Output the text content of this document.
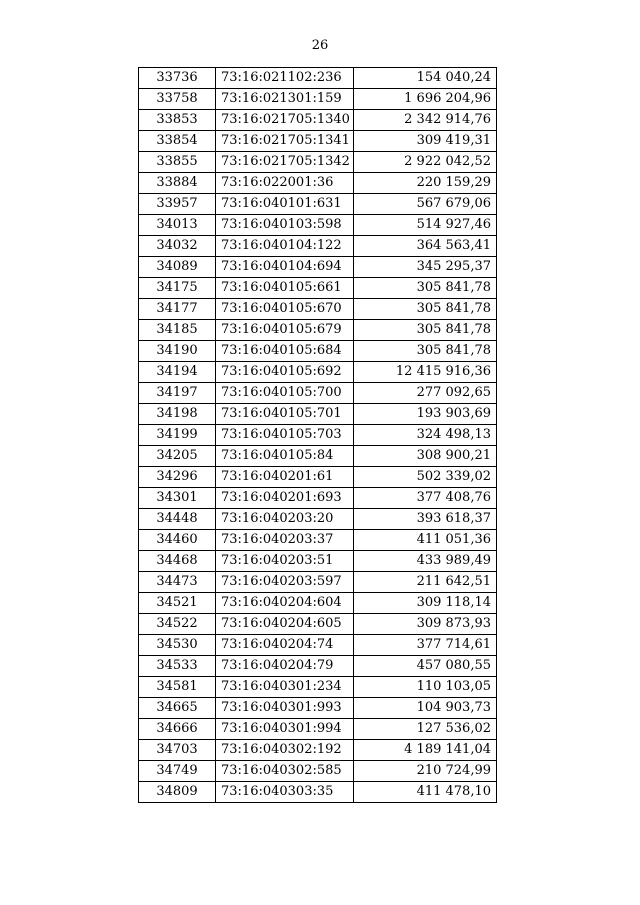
26
33736	73:16:021102:236	154 040,24
33758	73:16:021301:159	1 696 204,96
33853	73:16:021705:1340	2 342 914,76
33854	73:16:021705:1341	309 419,31
33855	73:16:021705:1342	2 922 042,52
33884	73:16:022001:36	220 159,29
33957	73:16:040101:631	567 679,06
34013	73:16:040103:598	514 927,46
34032	73:16:040104:122	364 563,41
34089	73:16:040104:694	345 295,37
34175	73:16:040105:661	305 841,78
34177	73:16:040105:670	305 841,78
34185	73:16:040105:679	305 841,78
34190	73:16:040105:684	305 841,78
34194	73:16:040105:692	12 415 916,36
34197	73:16:040105:700	277 092,65
34198	73:16:040105:701	193 903,69
34199	73:16:040105:703	324 498,13
34205	73:16:040105:84	308 900,21
34296	73:16:040201:61	502 339,02
34301	73:16:040201:693	377 408,76
34448	73:16:040203:20	393 618,37
34460	73:16:040203:37	411 051,36
34468	73:16:040203:51	433 989,49
34473	73:16:040203:597	211 642,51
34521	73:16:040204:604	309 118,14
34522	73:16:040204:605	309 873,93
34530	73:16:040204:74	377 714,61
34533	73:16:040204:79	457 080,55
34581	73:16:040301:234	110 103,05
34665	73:16:040301:993	104 903,73
34666	73:16:040301:994	127 536,02
34703	73:16:040302:192	4 189 141,04
34749	73:16:040302:585	210 724,99
34809	73:16:040303:35	411 478,10
